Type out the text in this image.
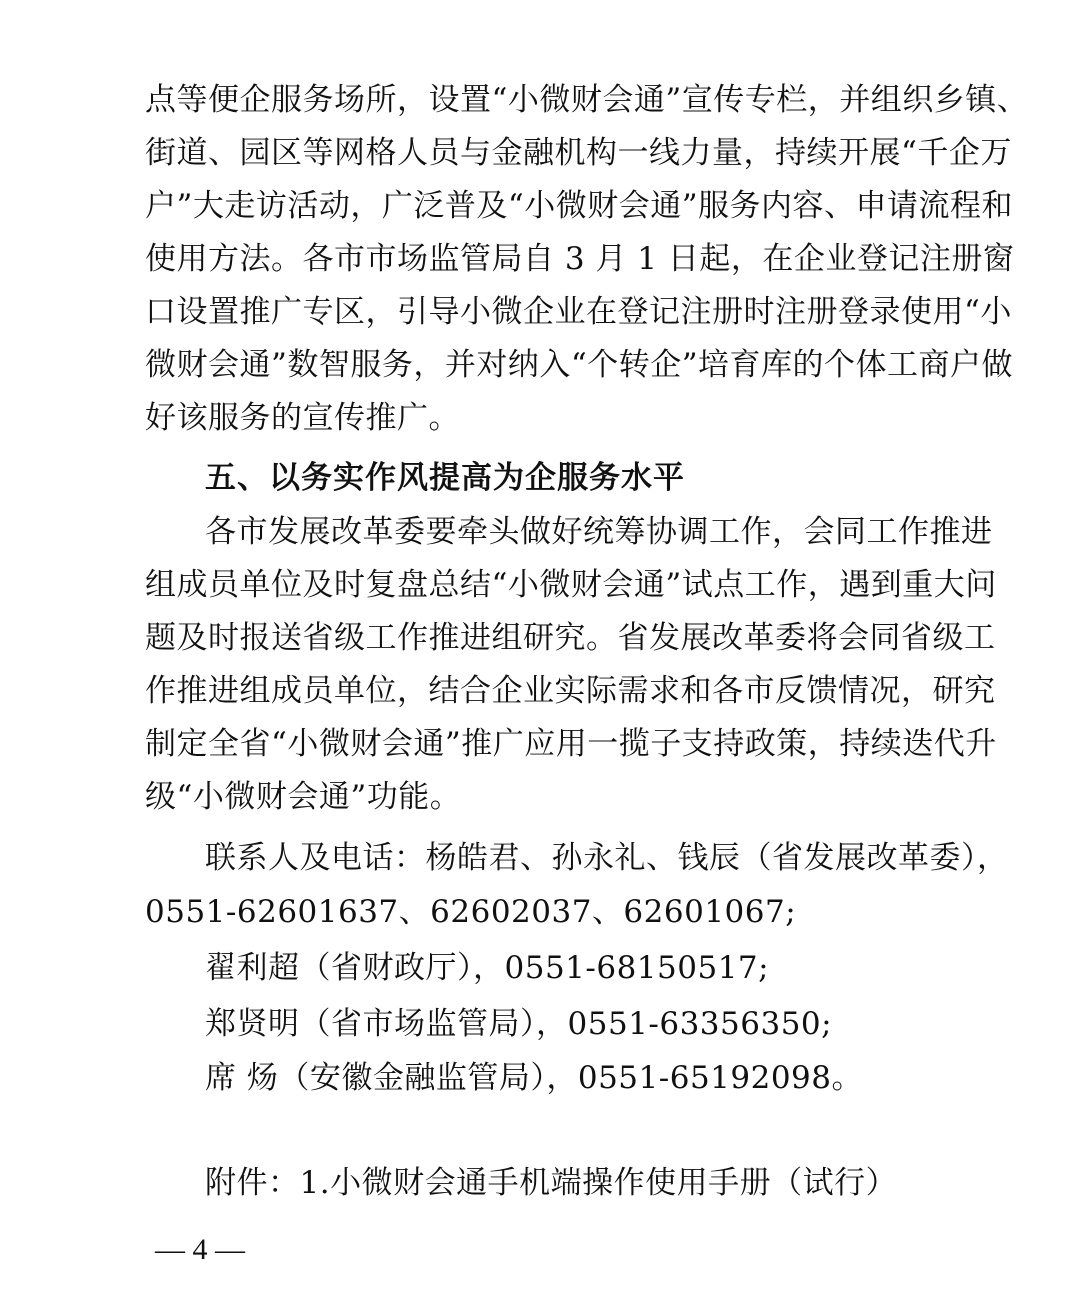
点等便企服务场所，设置“小微财会通”宣传专栏，并组织乡镇、
街道、园区等网格人员与金融机构一线力量，持续开展“千企万
户”大走访活动，广泛普及“小微财会通”服务内容、申请流程和
使用方法。各市市场监管局自 3 月 1 日起，在企业登记注册窗
口设置推广专区，引导小微企业在登记注册时注册登录使用“小
微财会通”数智服务，并对纳入“个转企”培育库的个体工商户做
好该服务的宣传推广。
五、以务实作风提高为企服务水平
各市发展改革委要牵头做好统筹协调工作，会同工作推进
组成员单位及时复盘总结“小微财会通”试点工作，遇到重大问
题及时报送省级工作推进组研究。省发展改革委将会同省级工
作推进组成员单位，结合企业实际需求和各市反馈情况，研究
制定全省“小微财会通”推广应用一揽子支持政策，持续迭代升
级“小微财会通”功能。
联系人及电话：杨皓君、孙永礼、钱辰（省发展改革委），
0551-62601637、62602037、62601067;
翟利超（省财政厅），0551-68150517;
郑贤明（省市场监管局），0551-63356350;
席 炀（安徽金融监管局），0551-65192098。
附件：1.小微财会通手机端操作使用手册（试行）
— 4 —
